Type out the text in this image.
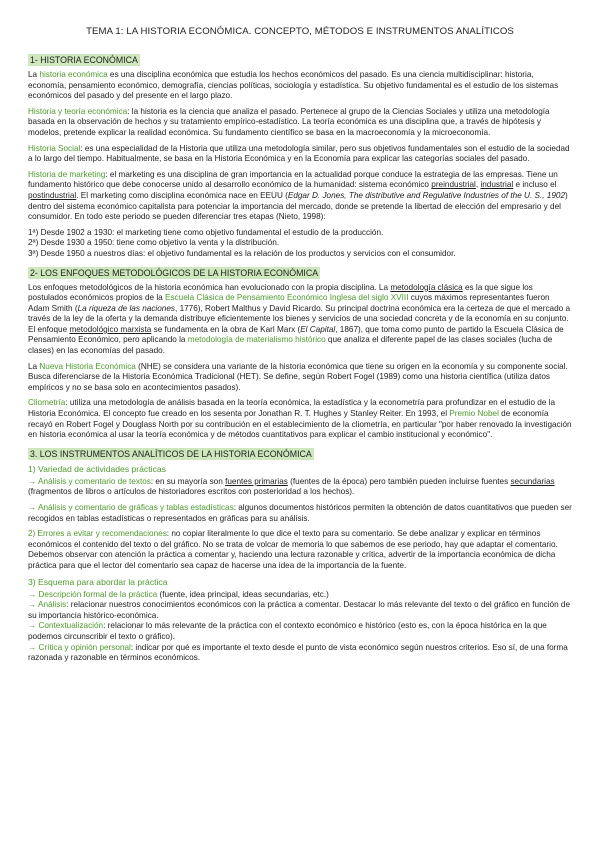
TEMA 1: LA HISTORIA ECONÓMICA. CONCEPTO, MÉTODOS E INSTRUMENTOS ANALÍTICOS
1- HISTORIA ECONÓMICA

La historia económica es una disciplina económica que estudia los hechos económicos del pasado. Es una ciencia multidisciplinar: historia, economía, pensamiento económico, demografía, ciencias políticas, sociología y estadística. Su objetivo fundamental es el estudio de los sistemas económicos del pasado y del presente en el largo plazo.

Historia y teoría económica: la historia es la ciencia que analiza el pasado. Pertenece al grupo de la Ciencias Sociales y utiliza una metodología basada en la observación de hechos y su tratamiento empírico-estadístico. La teoría económica es una disciplina que, a través de hipótesis y modelos, pretende explicar la realidad económica. Su fundamento científico se basa en la macroeconomía y la microeconomía.

Historia Social: es una especialidad de la Historia que utiliza una metodología similar, pero sus objetivos fundamentales son el estudio de la sociedad a lo largo del tiempo. Habitualmente, se basa en la Historia Económica y en la Economía para explicar las categorías sociales del pasado.

Historia de marketing: el marketing es una disciplina de gran importancia en la actualidad porque conduce la estrategia de las empresas. Tiene un fundamento histórico que debe conocerse unido al desarrollo económico de la humanidad: sistema económico preindustrial, industrial e incluso el postindustrial. El marketing como disciplina económica nace en EEUU (Edgar D. Jones, The distributive and Regulative Industries of the U. S., 1902) dentro del sistema económico capitalista para potenciar la importancia del mercado, donde se pretende la libertad de elección del empresario y del consumidor. En todo este periodo se pueden diferenciar tres etapas (Nieto, 1998):

1ª) Desde 1902 a 1930: el marketing tiene como objetivo fundamental el estudio de la producción.

2ª) Desde 1930 a 1950: tiene como objetivo la venta y la distribución.

3ª) Desde 1950 a nuestros días: el objetivo fundamental es la relación de los productos y servicios con el consumidor.

2- LOS ENFOQUES METODOLÓGICOS DE LA HISTORIA ECONÓMICA

Los enfoques metodológicos de la historia económica han evolucionado con la propia disciplina. La metodología clásica es la que sigue los postulados económicos propios de la Escuela Clásica de Pensamiento Económico Inglesa del siglo XVIII cuyos máximos representantes fueron Adam Smith (La riqueza de las naciones, 1776), Robert Malthus y David Ricardo. Su principal doctrina económica era la certeza de que el mercado a través de la ley de la oferta y la demanda distribuye eficientemente los bienes y servicios de una sociedad concreta y de la economía en su conjunto. El enfoque metodológico marxista se fundamenta en la obra de Karl Marx (El Capital, 1867), que toma como punto de partido la Escuela Clásica de Pensamiento Económico, pero aplicando la metodología de materialismo histórico que analiza el diferente papel de las clases sociales (lucha de clases) en las economías del pasado.

La Nueva Historia Económica (NHE) se considera una variante de la historia económica que tiene su origen en la economía y su componente social. Busca diferenciarse de la Historia Económica Tradicional (HET). Se define, según Robert Fogel (1989) como una historia científica (utiliza datos empíricos y no se basa solo en acontecimientos pasados).

Cliometría: utiliza una metodología de análisis basada en la teoría económica, la estadística y la econometría para profundizar en el estudio de la Historia Económica. El concepto fue creado en los sesenta por Jonathan R. T. Hughes y Stanley Reiter. En 1993, el Premio Nobel de economía recayó en Robert Fogel y Douglass North por su contribución en el establecimiento de la cliometría, en particular "por haber renovado la investigación en historia económica al usar la teoría económica y de métodos cuantitativos para explicar el cambio institucional y económico".

3. LOS INSTRUMENTOS ANALÍTICOS DE LA HISTORIA ECONÓMICA
1) Variedad de actividades prácticas

→ Análisis y comentario de textos: en su mayoría son fuentes primarias (fuentes de la época) pero también pueden incluirse fuentes secundarias (fragmentos de libros o artículos de historiadores escritos con posterioridad a los hechos).

→ Análisis y comentario de gráficas y tablas estadísticas: algunos documentos históricos permiten la obtención de datos cuantitativos que pueden ser recogidos en tablas estadísticas o representados en gráficas para su análisis.

2) Errores a evitar y recomendaciones: no copiar literalmente lo que dice el texto para su comentario. Se debe analizar y explicar en términos económicos el contenido del texto o del gráfico. No se trata de volcar de memoria lo que sabemos de ese periodo, hay que adaptar el comentario. Debemos observar con atención la práctica a comentar y, haciendo una lectura razonable y crítica, advertir de la importancia económica de dicha práctica para que el lector del comentario sea capaz de hacerse una idea de la importancia de la fuente.

3) Esquema para abordar la práctica

→ Descripción formal de la práctica (fuente, idea principal, ideas secundarias, etc.)

→ Análisis: relacionar nuestros conocimientos económicos con la práctica a comentar. Destacar lo más relevante del texto o del gráfico en función de su importancia histórico-económica.

→ Contextualización: relacionar lo más relevante de la práctica con el contexto económico e histórico (esto es, con la época histórica en la que podemos circunscribir el texto o gráfico).

→ Crítica y opinión personal: indicar por qué es importante el texto desde el punto de vista económico según nuestros criterios. Eso sí, de una forma razonada y razonable en términos económicos.
